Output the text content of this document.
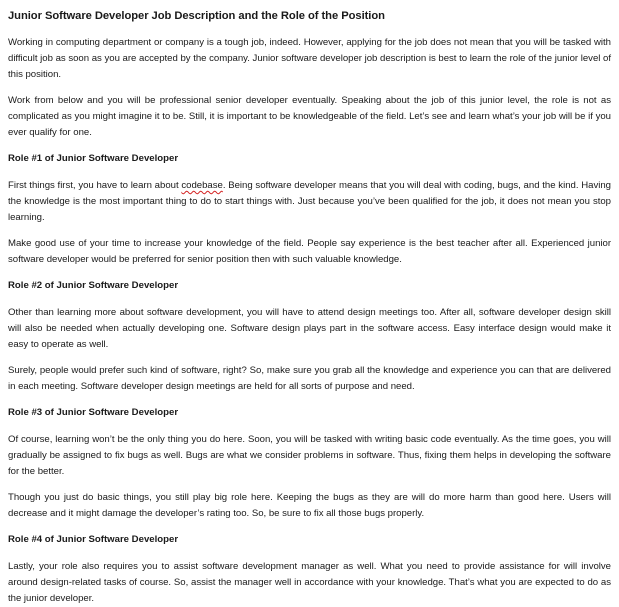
Junior Software Developer Job Description and the Role of the Position

Working in computing department or company is a tough job, indeed. However, applying for the job does not mean that you will be tasked with difficult job as soon as you are accepted by the company. Junior software developer job description is best to learn the role of the junior level of this position.

Work from below and you will be professional senior developer eventually. Speaking about the job of this junior level, the role is not as complicated as you might imagine it to be. Still, it is important to be knowledgeable of the field. Let’s see and learn what’s your job will be if you ever qualify for one.

Role #1 of Junior Software Developer

First things first, you have to learn about codebase. Being software developer means that you will deal with coding, bugs, and the kind. Having the knowledge is the most important thing to do to start things with. Just because you’ve been qualified for the job, it does not mean you stop learning.

Make good use of your time to increase your knowledge of the field. People say experience is the best teacher after all. Experienced junior software developer would be preferred for senior position then with such valuable knowledge.

Role #2 of Junior Software Developer

Other than learning more about software development, you will have to attend design meetings too. After all, software developer design skill will also be needed when actually developing one. Software design plays part in the software access. Easy interface design would make it easy to operate as well.

Surely, people would prefer such kind of software, right? So, make sure you grab all the knowledge and experience you can that are delivered in each meeting. Software developer design meetings are held for all sorts of purpose and need.

Role #3 of Junior Software Developer

Of course, learning won’t be the only thing you do here. Soon, you will be tasked with writing basic code eventually. As the time goes, you will gradually be assigned to fix bugs as well. Bugs are what we consider problems in software. Thus, fixing them helps in developing the software for the better.

Though you just do basic things, you still play big role here. Keeping the bugs as they are will do more harm than good here. Users will decrease and it might damage the developer’s rating too. So, be sure to fix all those bugs properly.

Role #4 of Junior Software Developer

Lastly, your role also requires you to assist software development manager as well. What you need to provide assistance for will involve around design-related tasks of course. So, assist the manager well in accordance with your knowledge. That’s what you are expected to do as the junior developer.
